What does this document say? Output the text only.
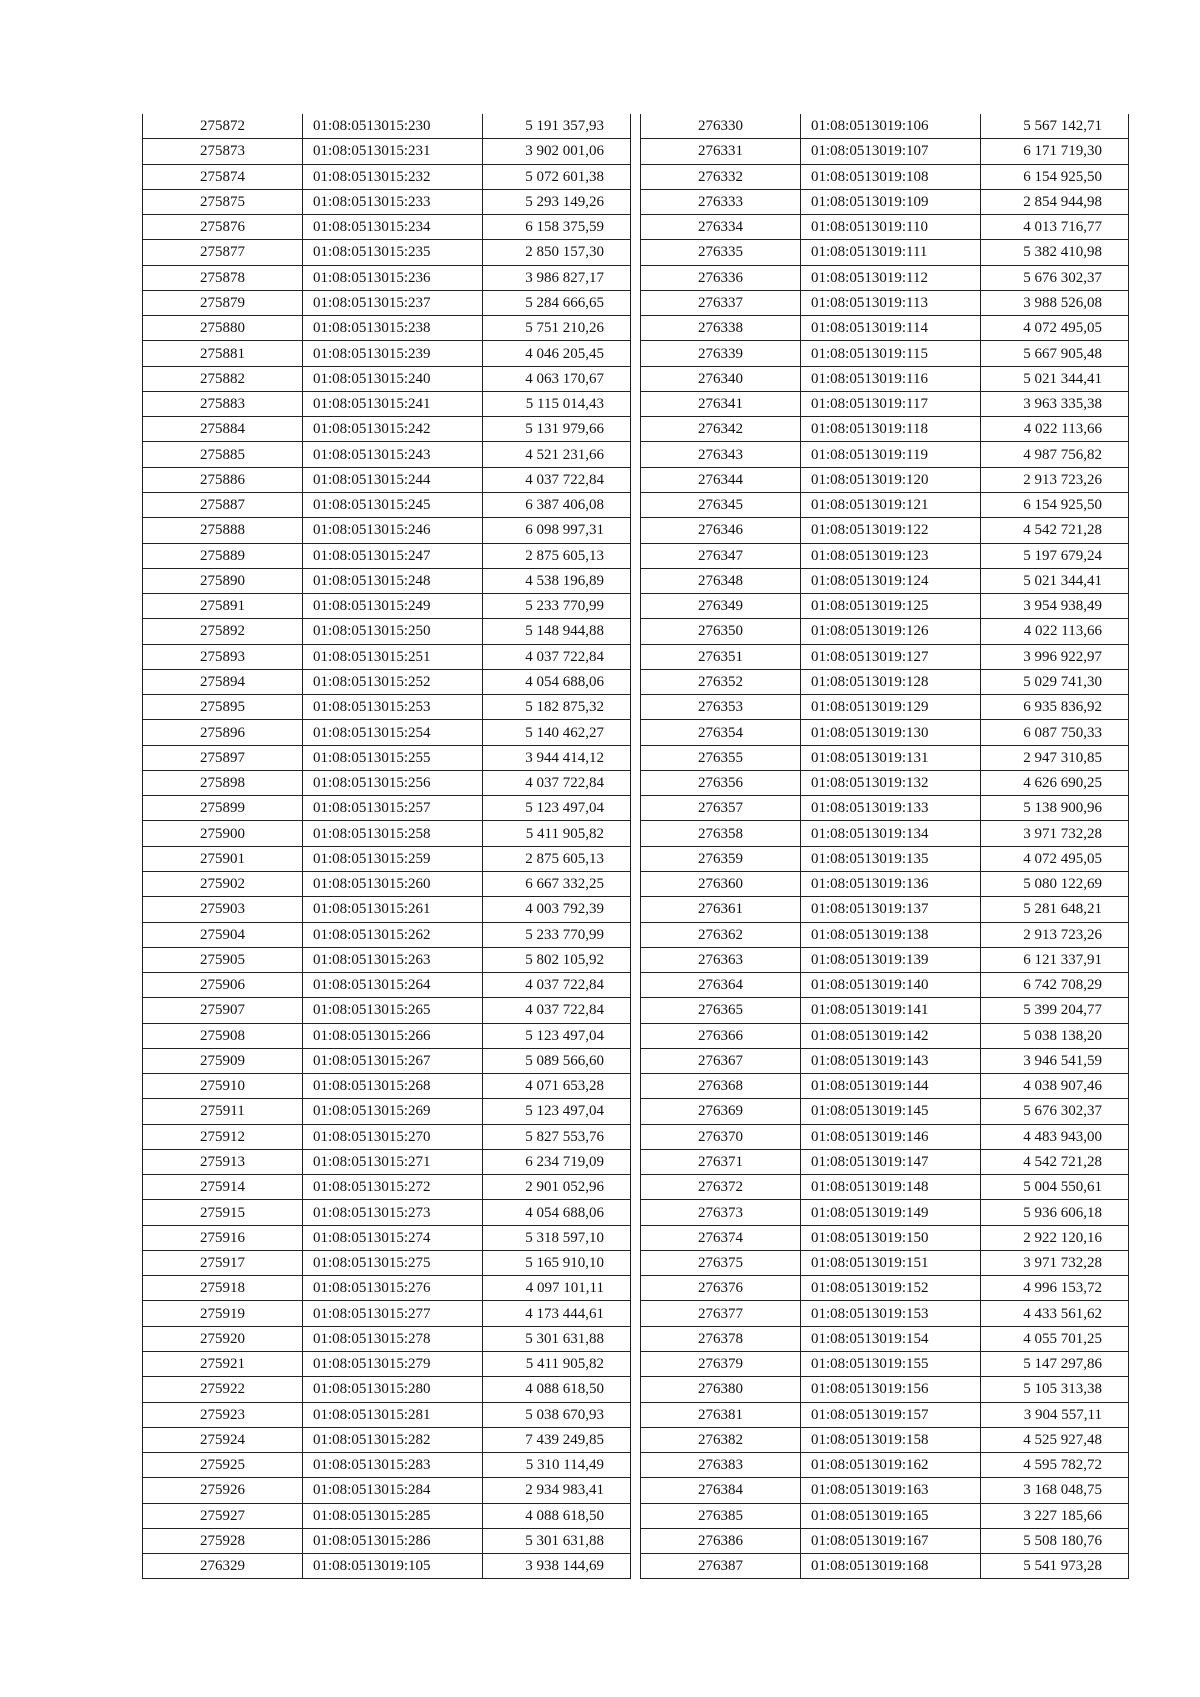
275872	01:08:0513015:230	5 191 357,93
275873	01:08:0513015:231	3 902 001,06
275874	01:08:0513015:232	5 072 601,38
275875	01:08:0513015:233	5 293 149,26
275876	01:08:0513015:234	6 158 375,59
275877	01:08:0513015:235	2 850 157,30
275878	01:08:0513015:236	3 986 827,17
275879	01:08:0513015:237	5 284 666,65
275880	01:08:0513015:238	5 751 210,26
275881	01:08:0513015:239	4 046 205,45
275882	01:08:0513015:240	4 063 170,67
275883	01:08:0513015:241	5 115 014,43
275884	01:08:0513015:242	5 131 979,66
275885	01:08:0513015:243	4 521 231,66
275886	01:08:0513015:244	4 037 722,84
275887	01:08:0513015:245	6 387 406,08
275888	01:08:0513015:246	6 098 997,31
275889	01:08:0513015:247	2 875 605,13
275890	01:08:0513015:248	4 538 196,89
275891	01:08:0513015:249	5 233 770,99
275892	01:08:0513015:250	5 148 944,88
275893	01:08:0513015:251	4 037 722,84
275894	01:08:0513015:252	4 054 688,06
275895	01:08:0513015:253	5 182 875,32
275896	01:08:0513015:254	5 140 462,27
275897	01:08:0513015:255	3 944 414,12
275898	01:08:0513015:256	4 037 722,84
275899	01:08:0513015:257	5 123 497,04
275900	01:08:0513015:258	5 411 905,82
275901	01:08:0513015:259	2 875 605,13
275902	01:08:0513015:260	6 667 332,25
275903	01:08:0513015:261	4 003 792,39
275904	01:08:0513015:262	5 233 770,99
275905	01:08:0513015:263	5 802 105,92
275906	01:08:0513015:264	4 037 722,84
275907	01:08:0513015:265	4 037 722,84
275908	01:08:0513015:266	5 123 497,04
275909	01:08:0513015:267	5 089 566,60
275910	01:08:0513015:268	4 071 653,28
275911	01:08:0513015:269	5 123 497,04
275912	01:08:0513015:270	5 827 553,76
275913	01:08:0513015:271	6 234 719,09
275914	01:08:0513015:272	2 901 052,96
275915	01:08:0513015:273	4 054 688,06
275916	01:08:0513015:274	5 318 597,10
275917	01:08:0513015:275	5 165 910,10
275918	01:08:0513015:276	4 097 101,11
275919	01:08:0513015:277	4 173 444,61
275920	01:08:0513015:278	5 301 631,88
275921	01:08:0513015:279	5 411 905,82
275922	01:08:0513015:280	4 088 618,50
275923	01:08:0513015:281	5 038 670,93
275924	01:08:0513015:282	7 439 249,85
275925	01:08:0513015:283	5 310 114,49
275926	01:08:0513015:284	2 934 983,41
275927	01:08:0513015:285	4 088 618,50
275928	01:08:0513015:286	5 301 631,88
276329	01:08:0513019:105	3 938 144,69
276330	01:08:0513019:106	5 567 142,71
276331	01:08:0513019:107	6 171 719,30
276332	01:08:0513019:108	6 154 925,50
276333	01:08:0513019:109	2 854 944,98
276334	01:08:0513019:110	4 013 716,77
276335	01:08:0513019:111	5 382 410,98
276336	01:08:0513019:112	5 676 302,37
276337	01:08:0513019:113	3 988 526,08
276338	01:08:0513019:114	4 072 495,05
276339	01:08:0513019:115	5 667 905,48
276340	01:08:0513019:116	5 021 344,41
276341	01:08:0513019:117	3 963 335,38
276342	01:08:0513019:118	4 022 113,66
276343	01:08:0513019:119	4 987 756,82
276344	01:08:0513019:120	2 913 723,26
276345	01:08:0513019:121	6 154 925,50
276346	01:08:0513019:122	4 542 721,28
276347	01:08:0513019:123	5 197 679,24
276348	01:08:0513019:124	5 021 344,41
276349	01:08:0513019:125	3 954 938,49
276350	01:08:0513019:126	4 022 113,66
276351	01:08:0513019:127	3 996 922,97
276352	01:08:0513019:128	5 029 741,30
276353	01:08:0513019:129	6 935 836,92
276354	01:08:0513019:130	6 087 750,33
276355	01:08:0513019:131	2 947 310,85
276356	01:08:0513019:132	4 626 690,25
276357	01:08:0513019:133	5 138 900,96
276358	01:08:0513019:134	3 971 732,28
276359	01:08:0513019:135	4 072 495,05
276360	01:08:0513019:136	5 080 122,69
276361	01:08:0513019:137	5 281 648,21
276362	01:08:0513019:138	2 913 723,26
276363	01:08:0513019:139	6 121 337,91
276364	01:08:0513019:140	6 742 708,29
276365	01:08:0513019:141	5 399 204,77
276366	01:08:0513019:142	5 038 138,20
276367	01:08:0513019:143	3 946 541,59
276368	01:08:0513019:144	4 038 907,46
276369	01:08:0513019:145	5 676 302,37
276370	01:08:0513019:146	4 483 943,00
276371	01:08:0513019:147	4 542 721,28
276372	01:08:0513019:148	5 004 550,61
276373	01:08:0513019:149	5 936 606,18
276374	01:08:0513019:150	2 922 120,16
276375	01:08:0513019:151	3 971 732,28
276376	01:08:0513019:152	4 996 153,72
276377	01:08:0513019:153	4 433 561,62
276378	01:08:0513019:154	4 055 701,25
276379	01:08:0513019:155	5 147 297,86
276380	01:08:0513019:156	5 105 313,38
276381	01:08:0513019:157	3 904 557,11
276382	01:08:0513019:158	4 525 927,48
276383	01:08:0513019:162	4 595 782,72
276384	01:08:0513019:163	3 168 048,75
276385	01:08:0513019:165	3 227 185,66
276386	01:08:0513019:167	5 508 180,76
276387	01:08:0513019:168	5 541 973,28
